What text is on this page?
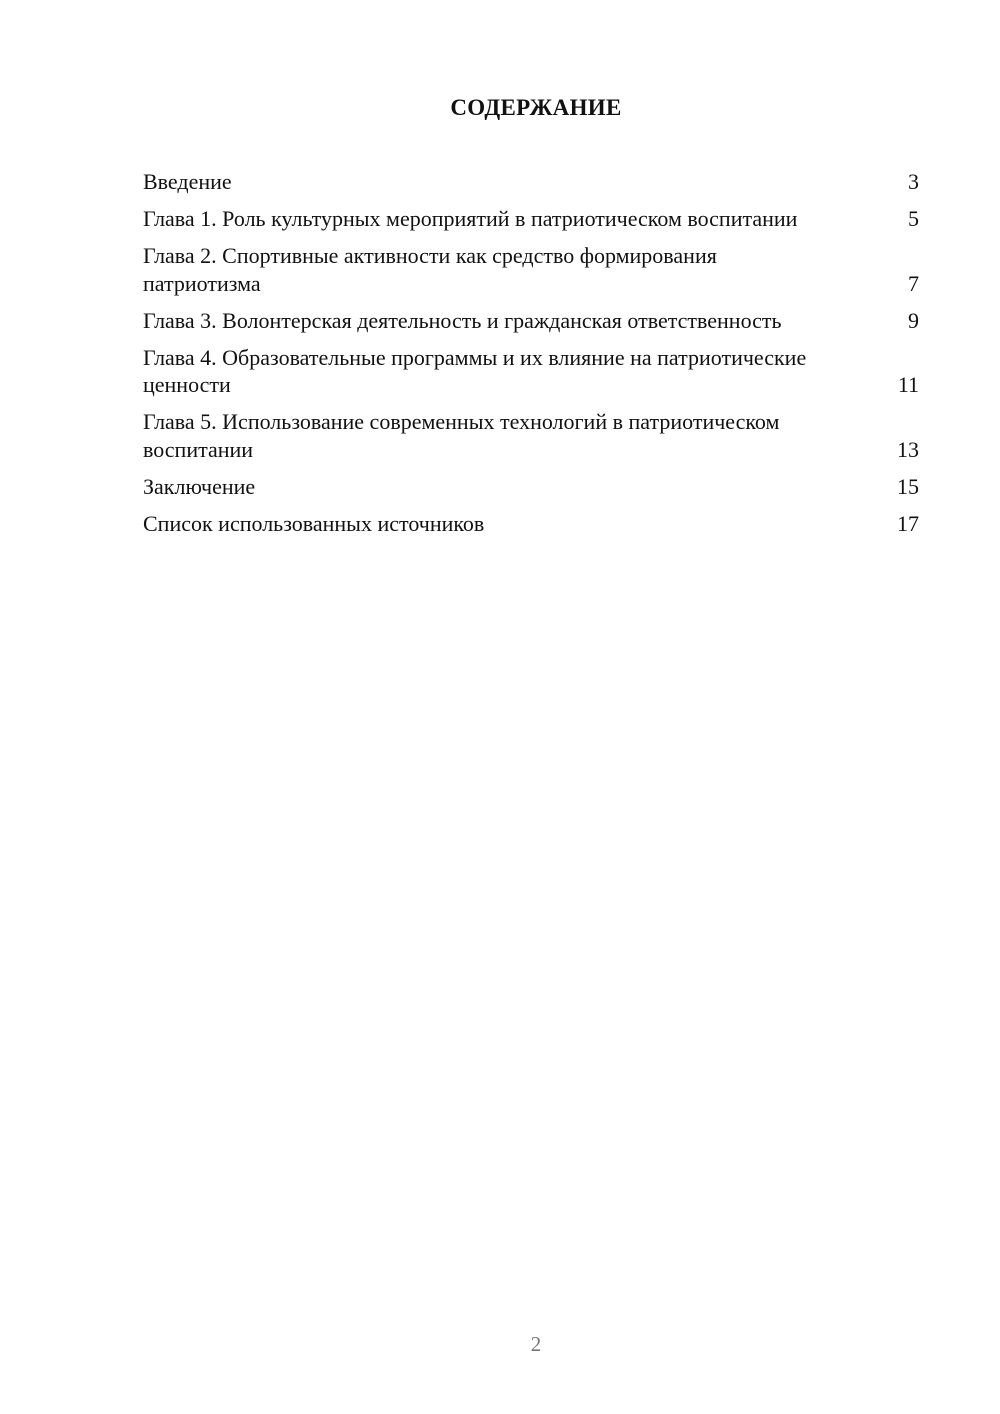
СОДЕРЖАНИЕ
Введение	3
Глава 1. Роль культурных мероприятий в патриотическом воспитании	5
Глава 2. Спортивные активности как средство формирования патриотизма	7
Глава 3. Волонтерская деятельность и гражданская ответственность	9
Глава 4. Образовательные программы и их влияние на патриотические ценности	11
Глава 5. Использование современных технологий в патриотическом воспитании	13
Заключение	15
Список использованных источников	17
2
